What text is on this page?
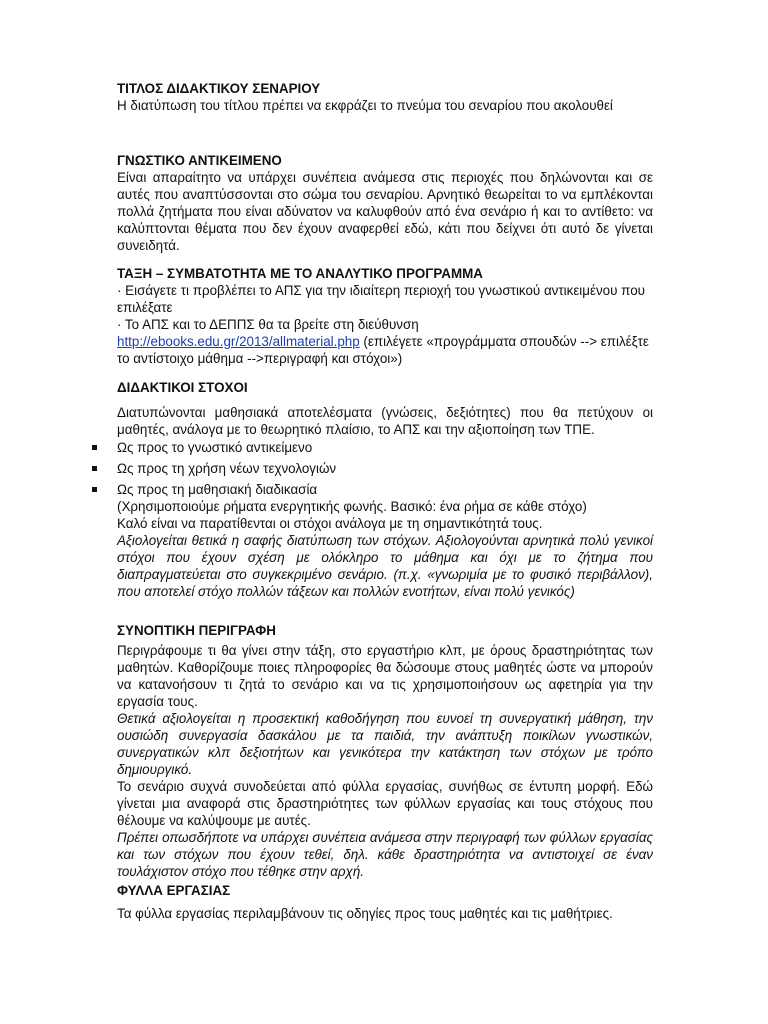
ΤΙΤΛΟΣ ΔΙΔΑΚΤΙΚΟΥ ΣΕΝΑΡΙΟΥ

Η διατύπωση του τίτλου πρέπει να εκφράζει το πνεύμα του σεναρίου που ακολουθεί

ΓΝΩΣΤΙΚΟ ΑΝΤΙΚΕΙΜΕΝΟ

Είναι απαραίτητο να υπάρχει συνέπεια ανάμεσα στις περιοχές που δηλώνονται και σε αυτές που αναπτύσσονται στο σώμα του σεναρίου. Αρνητικό θεωρείται το να εμπλέκονται πολλά ζητήματα που είναι αδύνατον να καλυφθούν από ένα σενάριο ή και το αντίθετο: να καλύπτονται θέματα που δεν έχουν αναφερθεί εδώ, κάτι που δείχνει ότι αυτό δε γίνεται συνειδητά.

ΤΑΞΗ – ΣΥΜΒΑΤΟΤΗΤΑ ΜΕ ΤΟ ΑΝΑΛΥΤΙΚΟ ΠΡΟΓΡΑΜΜΑ

· Εισάγετε τι προβλέπει το ΑΠΣ για την ιδιαίτερη περιοχή του γνωστικού αντικειμένου που επιλέξατε

· Το ΑΠΣ και το ΔΕΠΠΣ θα τα βρείτε στη διεύθυνση

http://ebooks.edu.gr/2013/allmaterial.php (επιλέγετε «προγράμματα σπουδών --> επιλέξτε το αντίστοιχο μάθημα -->περιγραφή και στόχοι»)

ΔΙΔΑΚΤΙΚΟΙ ΣΤΟΧΟΙ

Διατυπώνονται μαθησιακά αποτελέσματα (γνώσεις, δεξιότητες) που θα πετύχουν οι μαθητές, ανάλογα με το θεωρητικό πλαίσιο, το ΑΠΣ και την αξιοποίηση των ΤΠΕ.

Ως προς το γνωστικό αντικείμενο
Ως προς τη χρήση νέων τεχνολογιών
Ως προς τη μαθησιακή διαδικασία

(Χρησιμοποιούμε ρήματα ενεργητικής φωνής. Βασικό: ένα ρήμα σε κάθε στόχο)

Καλό είναι να παρατίθενται οι στόχοι ανάλογα με τη σημαντικότητά τους.

Αξιολογείται θετικά η σαφής διατύπωση των στόχων. Αξιολογούνται αρνητικά πολύ γενικοί στόχοι που έχουν σχέση με ολόκληρο το μάθημα και όχι με το ζήτημα που διαπραγματεύεται στο συγκεκριμένο σενάριο. (π.χ. «γνωριμία με το φυσικό περιβάλλον), που αποτελεί στόχο πολλών τάξεων και πολλών ενοτήτων, είναι πολύ γενικός)

ΣΥΝΟΠΤΙΚΗ ΠΕΡΙΓΡΑΦΗ

Περιγράφουμε τι θα γίνει στην τάξη, στο εργαστήριο κλπ, με όρους δραστηριότητας των μαθητών. Καθορίζουμε ποιες πληροφορίες θα δώσουμε στους μαθητές ώστε να μπορούν να κατανοήσουν τι ζητά το σενάριο και να τις χρησιμοποιήσουν ως αφετηρία για την εργασία τους.

Θετικά αξιολογείται η προσεκτική καθοδήγηση που ευνοεί τη συνεργατική μάθηση, την ουσιώδη συνεργασία δασκάλου με τα παιδιά, την ανάπτυξη ποικίλων γνωστικών, συνεργατικών κλπ δεξιοτήτων και γενικότερα την κατάκτηση των στόχων με τρόπο δημιουργικό.

Το σενάριο συχνά συνοδεύεται από φύλλα εργασίας, συνήθως σε έντυπη μορφή. Εδώ γίνεται μια αναφορά στις δραστηριότητες των φύλλων εργασίας και τους στόχους που θέλουμε να καλύψουμε με αυτές.

Πρέπει οπωσδήποτε να υπάρχει συνέπεια ανάμεσα στην περιγραφή των φύλλων εργασίας και των στόχων που έχουν τεθεί, δηλ. κάθε δραστηριότητα να αντιστοιχεί σε έναν τουλάχιστον στόχο που τέθηκε στην αρχή.

ΦΥΛΛΑ ΕΡΓΑΣΙΑΣ

Τα φύλλα εργασίας περιλαμβάνουν τις οδηγίες προς τους μαθητές και τις μαθήτριες.
